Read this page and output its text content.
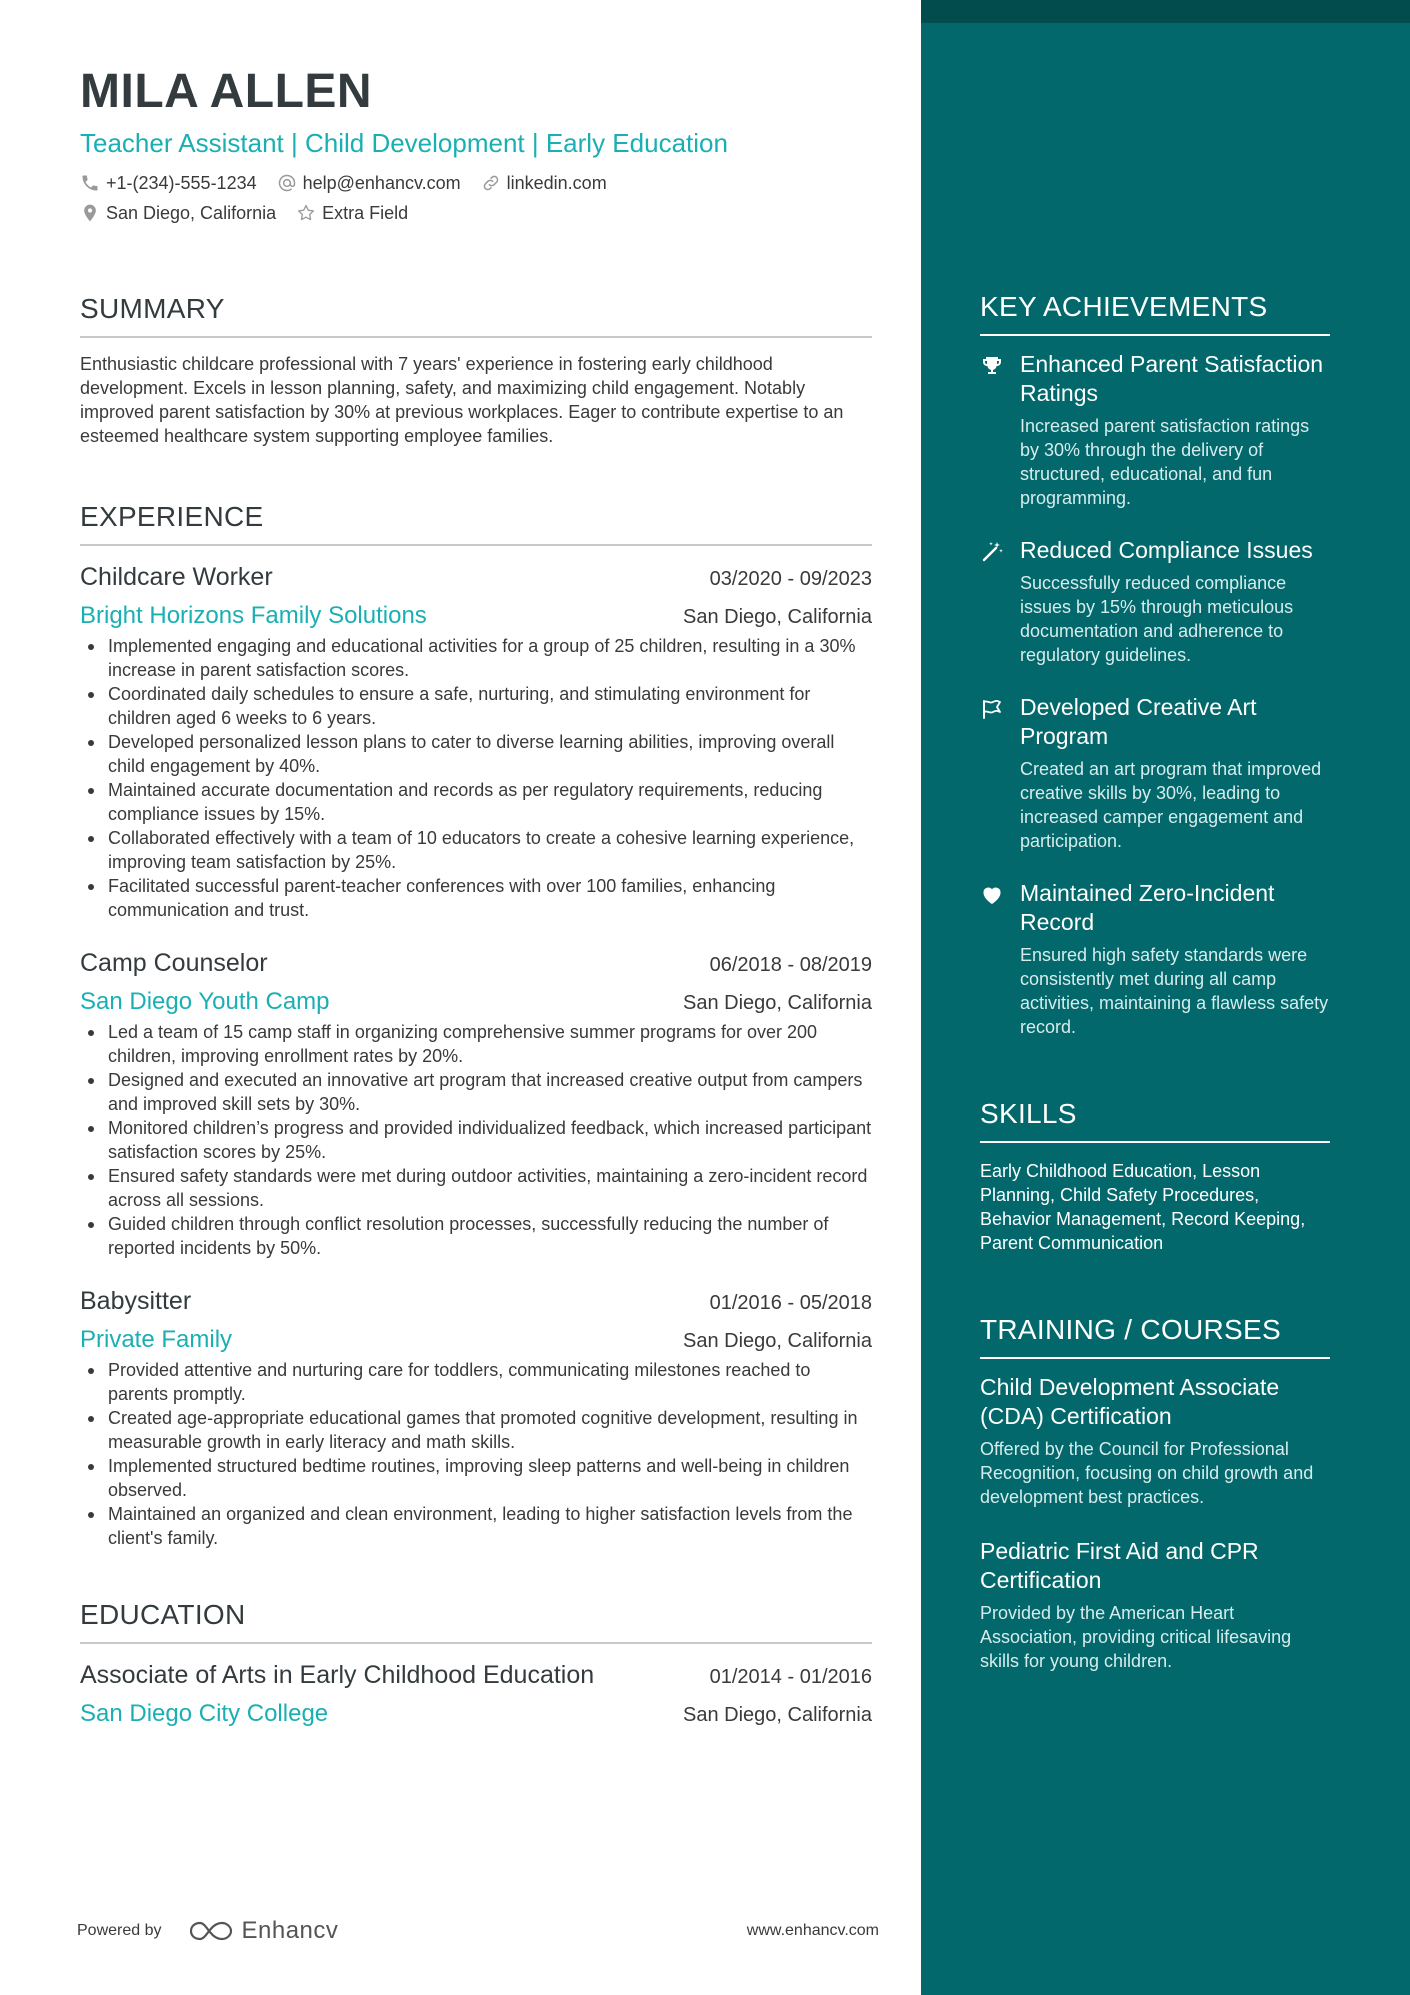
MILA ALLEN
Teacher Assistant | Child Development | Early Education
+1-(234)-555-1234	help@enhancv.com	linkedin.com
San Diego, California	Extra Field
SUMMARY
Enthusiastic childcare professional with 7 years' experience in fostering early childhood development. Excels in lesson planning, safety, and maximizing child engagement. Notably improved parent satisfaction by 30% at previous workplaces. Eager to contribute expertise to an esteemed healthcare system supporting employee families.
EXPERIENCE
Childcare Worker	03/2020 - 09/2023
Bright Horizons Family Solutions	San Diego, California
Implemented engaging and educational activities for a group of 25 children, resulting in a 30% increase in parent satisfaction scores.
Coordinated daily schedules to ensure a safe, nurturing, and stimulating environment for children aged 6 weeks to 6 years.
Developed personalized lesson plans to cater to diverse learning abilities, improving overall child engagement by 40%.
Maintained accurate documentation and records as per regulatory requirements, reducing compliance issues by 15%.
Collaborated effectively with a team of 10 educators to create a cohesive learning experience, improving team satisfaction by 25%.
Facilitated successful parent-teacher conferences with over 100 families, enhancing communication and trust.
Camp Counselor	06/2018 - 08/2019
San Diego Youth Camp	San Diego, California
Led a team of 15 camp staff in organizing comprehensive summer programs for over 200 children, improving enrollment rates by 20%.
Designed and executed an innovative art program that increased creative output from campers and improved skill sets by 30%.
Monitored children’s progress and provided individualized feedback, which increased participant satisfaction scores by 25%.
Ensured safety standards were met during outdoor activities, maintaining a zero-incident record across all sessions.
Guided children through conflict resolution processes, successfully reducing the number of reported incidents by 50%.
Babysitter	01/2016 - 05/2018
Private Family	San Diego, California
Provided attentive and nurturing care for toddlers, communicating milestones reached to parents promptly.
Created age-appropriate educational games that promoted cognitive development, resulting in measurable growth in early literacy and math skills.
Implemented structured bedtime routines, improving sleep patterns and well-being in children observed.
Maintained an organized and clean environment, leading to higher satisfaction levels from the client's family.
EDUCATION
Associate of Arts in Early Childhood Education	01/2014 - 01/2016
San Diego City College	San Diego, California
KEY ACHIEVEMENTS
Enhanced Parent Satisfaction Ratings
Increased parent satisfaction ratings by 30% through the delivery of structured, educational, and fun programming.
Reduced Compliance Issues
Successfully reduced compliance issues by 15% through meticulous documentation and adherence to regulatory guidelines.
Developed Creative Art Program
Created an art program that improved creative skills by 30%, leading to increased camper engagement and participation.
Maintained Zero-Incident Record
Ensured high safety standards were consistently met during all camp activities, maintaining a flawless safety record.
SKILLS
Early Childhood Education, Lesson Planning, Child Safety Procedures, Behavior Management, Record Keeping, Parent Communication
TRAINING / COURSES
Child Development Associate (CDA) Certification
Offered by the Council for Professional Recognition, focusing on child growth and development best practices.
Pediatric First Aid and CPR Certification
Provided by the American Heart Association, providing critical lifesaving skills for young children.
Powered by	Enhancv	www.enhancv.com
